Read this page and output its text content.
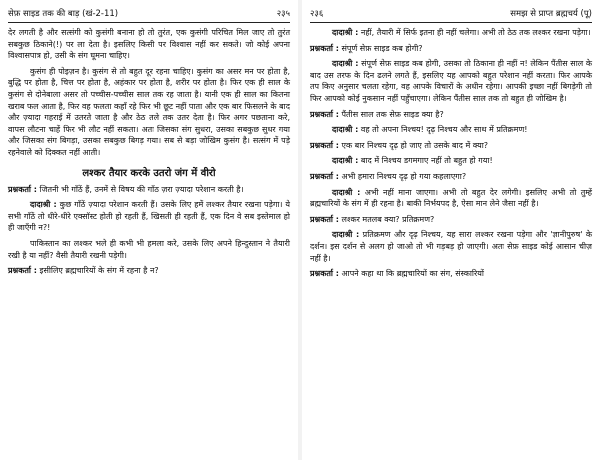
सेफ़ साइड तक की बाड़ (खं-2-11)	२३५

देर लगती है और सत्संगी को कुसंगी बनाना हो तो तुरंत, एक कुसंगी परिचित मिल जाए तो तुरंत सबकुछ ठिकाने(!) पर ला देता है। इसलिए किसी पर विश्वास नहीं कर सकते। जो कोई अपना विश्वासपात्र हो, उसी के संग घूमना चाहिए।

कुसंग ही पोइज़न है। कुसंग से तो बहुत दूर रहना चाहिए। कुसंग का असर मन पर होता है, बुद्धि पर होता है, चित्त पर होता है, अहंकार पर होता है, शरीर पर होता है। फिर एक ही साल के कुसंग से दोनेबाला असर तो पच्चीस-पच्चीस साल तक रह जाता है। यानी एक ही साल का कितना खराब फल आता है, फिर वह फलता कहाँ रहे फिर भी छूट नहीं पाता और एक बार फिसलने के बाद और ज़्यादा गहराई में उतरते जाता है और ठेठ तले तक उतर देता है। फिर अगर पछताना करे, वापस लौटना चाहें फिर भी लौट नहीं सकता। अतः जिसका संग सुधरा, उसका सबकुछ सुधर गया और जिसका संग बिगड़ा, उसका सबकुछ बिगड़ गया। सब से बड़ा जोखिम कुसंग है। सत्संग में पड़े रहनेवाले को दिक्कत नहीं आती।

लश्कर तैयार करके उतरो जंग में वीरो

प्रश्नकर्ता : जितनी भी गाँठें हैं, उनमें से विषय की गाँठ ज़रा ज़्यादा परेशान करती है।

दादाश्री : कुछ गाँठें ज़्यादा परेशान करती हैं। उसके लिए हमें लश्कर तैयार रखना पड़ेगा। ये सभी गाँठें तो धीरे-धीरे एक्सॉस्ट होती हो रहती हैं, खिसती ही रहती हैं, एक दिन वे सब इस्तेमाल हो ही जाएँगी न?!

पाकिस्तान का लश्कर भले ही कभी भी हमला करे, उसके लिए अपने हिन्दुस्तान ने तैयारी रखी है या नहीं? वैसी तैयारी रखनी पड़ेगी।

प्रश्नकर्ता : इसीलिए ब्रह्मचारियों के संग में रहना है न?

२३६	समझ से प्राप्त ब्रह्मचर्य (पू)

दादाश्री : नहीं, तैयारी में सिर्फ इतना ही नहीं चलेगा। अभी तो ठेठ तक लश्कर रखना पड़ेगा।

प्रश्नकर्ता : संपूर्ण सेफ़ साइड कब होगी?

दादाश्री : संपूर्ण सेफ़ साइड कब होगी, उसका तो ठिकाना ही नहीं न! लेकिन पैंतीस साल के बाद उस तरफ के दिन ढलने लगते हैं, इसलिए यह आपको बहुत परेशान नहीं करता। फिर आपके तप किए अनुसार चलता रहेगा, वह आपके विचारों के अधीन रहेगा। आपकी इच्छा नहीं बिगड़ेगी तो फिर आपको कोई नुकसान नहीं पहुँचाएगा। लेकिन पैंतीस साल तक तो बहुत ही जोखिम है।

प्रश्नकर्ता : पैंतीस साल तक सेफ़ साइड क्या है?

दादाश्री : वह तो अपना निश्चय! दृढ़ निश्चय और साथ में प्रतिक्रमण!

प्रश्नकर्ता : एक बार निश्चय दृढ़ हो जाए तो उसके बाद में क्या?

दादाश्री : बाद में निश्चय डगमगाए नहीं तो बहुत हो गया!

प्रश्नकर्ता : अभी हमारा निश्चय दृढ़ हो गया कहलाएगा?

दादाश्री : अभी नहीं माना जाएगा। अभी तो बहुत देर लगेगी। इसलिए अभी तो तुम्हें ब्रह्मचारियों के संग में ही रहना है। बाकी निर्भयपद है, ऐसा मान लेने जैसा नहीं है।

प्रश्नकर्ता : लश्कर मतलब क्या? प्रतिक्रमण?

दादाश्री : प्रतिक्रमण और दृढ़ निश्चय, यह सारा लश्कर रखना पड़ेगा और 'ज्ञानीपुरुष' के दर्शन। इस दर्शन से अलग हो जाओ तो भी गड़बड़ हो जाएगी। अतः सेफ़ साइड कोई आसान चीज़ नहीं है।

प्रश्नकर्ता : आपने कहा था कि ब्रह्मचारियों का संग, संस्कारियों
